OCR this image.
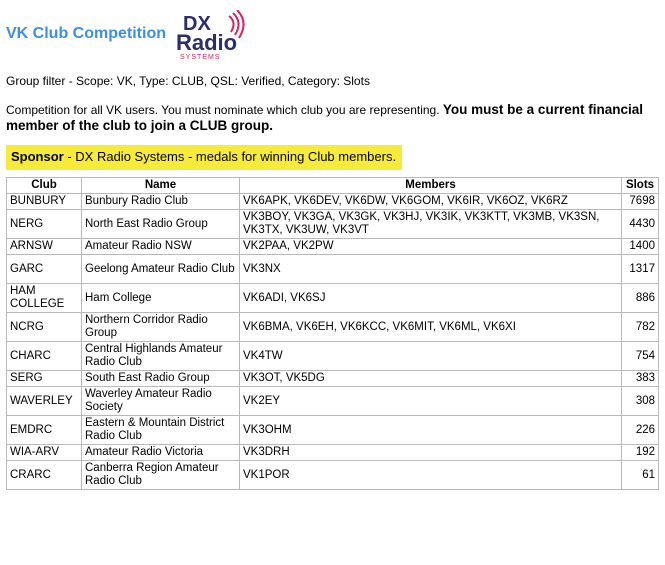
VK Club Competition DX
Radio
SYSTEMS
Group filter - Scope: VK, Type: CLUB, QSL: Verified, Category: Slots
Competition for all VK users. You must nominate which club you are representing. You must be a current financial member of the club to join a CLUB group.
Sponsor - DX Radio Systems - medals for winning Club members.
Club	Name	Members	Slots
BUNBURY	Bunbury Radio Club	VK6APK, VK6DEV, VK6DW, VK6GOM, VK6IR, VK6OZ, VK6RZ	7698
NERG	North East Radio Group	VK3BOY, VK3GA, VK3GK, VK3HJ, VK3IK, VK3KTT, VK3MB, VK3SN, VK3TX, VK3UW, VK3VT	4430
ARNSW	Amateur Radio NSW	VK2PAA, VK2PW	1400
GARC	Geelong Amateur Radio Club	VK3NX	1317
HAM COLLEGE	Ham College	VK6ADI, VK6SJ	886
NCRG	Northern Corridor Radio Group	VK6BMA, VK6EH, VK6KCC, VK6MIT, VK6ML, VK6XI	782
CHARC	Central Highlands Amateur Radio Club	VK4TW	754
SERG	South East Radio Group	VK3OT, VK5DG	383
WAVERLEY	Waverley Amateur Radio Society	VK2EY	308
EMDRC	Eastern & Mountain District Radio Club	VK3OHM	226
WIA-ARV	Amateur Radio Victoria	VK3DRH	192
CRARC	Canberra Region Amateur Radio Club	VK1POR	61
